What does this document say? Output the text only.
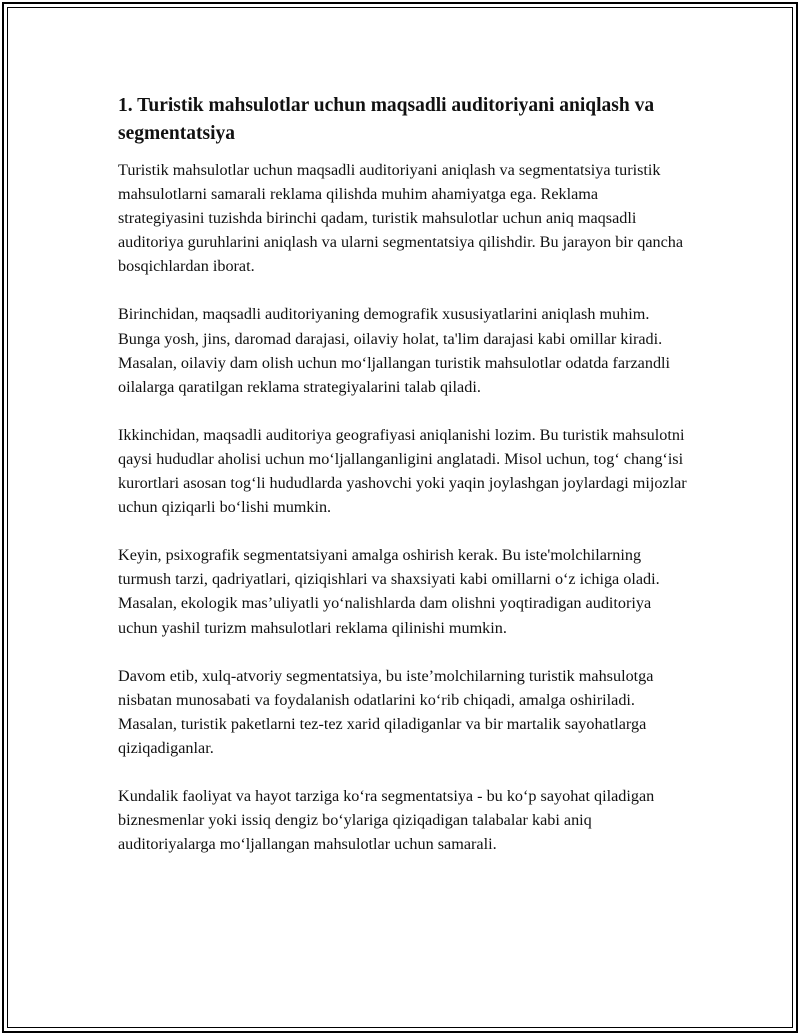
1. Turistik mahsulotlar uchun maqsadli auditoriyani aniqlash va segmentatsiya

Turistik mahsulotlar uchun maqsadli auditoriyani aniqlash va segmentatsiya turistik mahsulotlarni samarali reklama qilishda muhim ahamiyatga ega. Reklama strategiyasini tuzishda birinchi qadam, turistik mahsulotlar uchun aniq maqsadli auditoriya guruhlarini aniqlash va ularni segmentatsiya qilishdir. Bu jarayon bir qancha bosqichlardan iborat.

Birinchidan, maqsadli auditoriyaning demografik xususiyatlarini aniqlash muhim. Bunga yosh, jins, daromad darajasi, oilaviy holat, ta'lim darajasi kabi omillar kiradi. Masalan, oilaviy dam olish uchun mo‘ljallangan turistik mahsulotlar odatda farzandli oilalarga qaratilgan reklama strategiyalarini talab qiladi.

Ikkinchidan, maqsadli auditoriya geografiyasi aniqlanishi lozim. Bu turistik mahsulotni qaysi hududlar aholisi uchun mo‘ljallanganligini anglatadi. Misol uchun, tog‘ chang‘isi kurortlari asosan tog‘li hududlarda yashovchi yoki yaqin joylashgan joylardagi mijozlar uchun qiziqarli bo‘lishi mumkin.

Keyin, psixografik segmentatsiyani amalga oshirish kerak. Bu iste'molchilarning turmush tarzi, qadriyatlari, qiziqishlari va shaxsiyati kabi omillarni o‘z ichiga oladi. Masalan, ekologik mas’uliyatli yo‘nalishlarda dam olishni yoqtiradigan auditoriya uchun yashil turizm mahsulotlari reklama qilinishi mumkin.

Davom etib, xulq-atvoriy segmentatsiya, bu iste’molchilarning turistik mahsulotga nisbatan munosabati va foydalanish odatlarini ko‘rib chiqadi, amalga oshiriladi. Masalan, turistik paketlarni tez-tez xarid qiladiganlar va bir martalik sayohatlarga qiziqadiganlar.

Kundalik faoliyat va hayot tarziga ko‘ra segmentatsiya - bu ko‘p sayohat qiladigan biznesmenlar yoki issiq dengiz bo‘ylariga qiziqadigan talabalar kabi aniq auditoriyalarga mo‘ljallangan mahsulotlar uchun samarali.
